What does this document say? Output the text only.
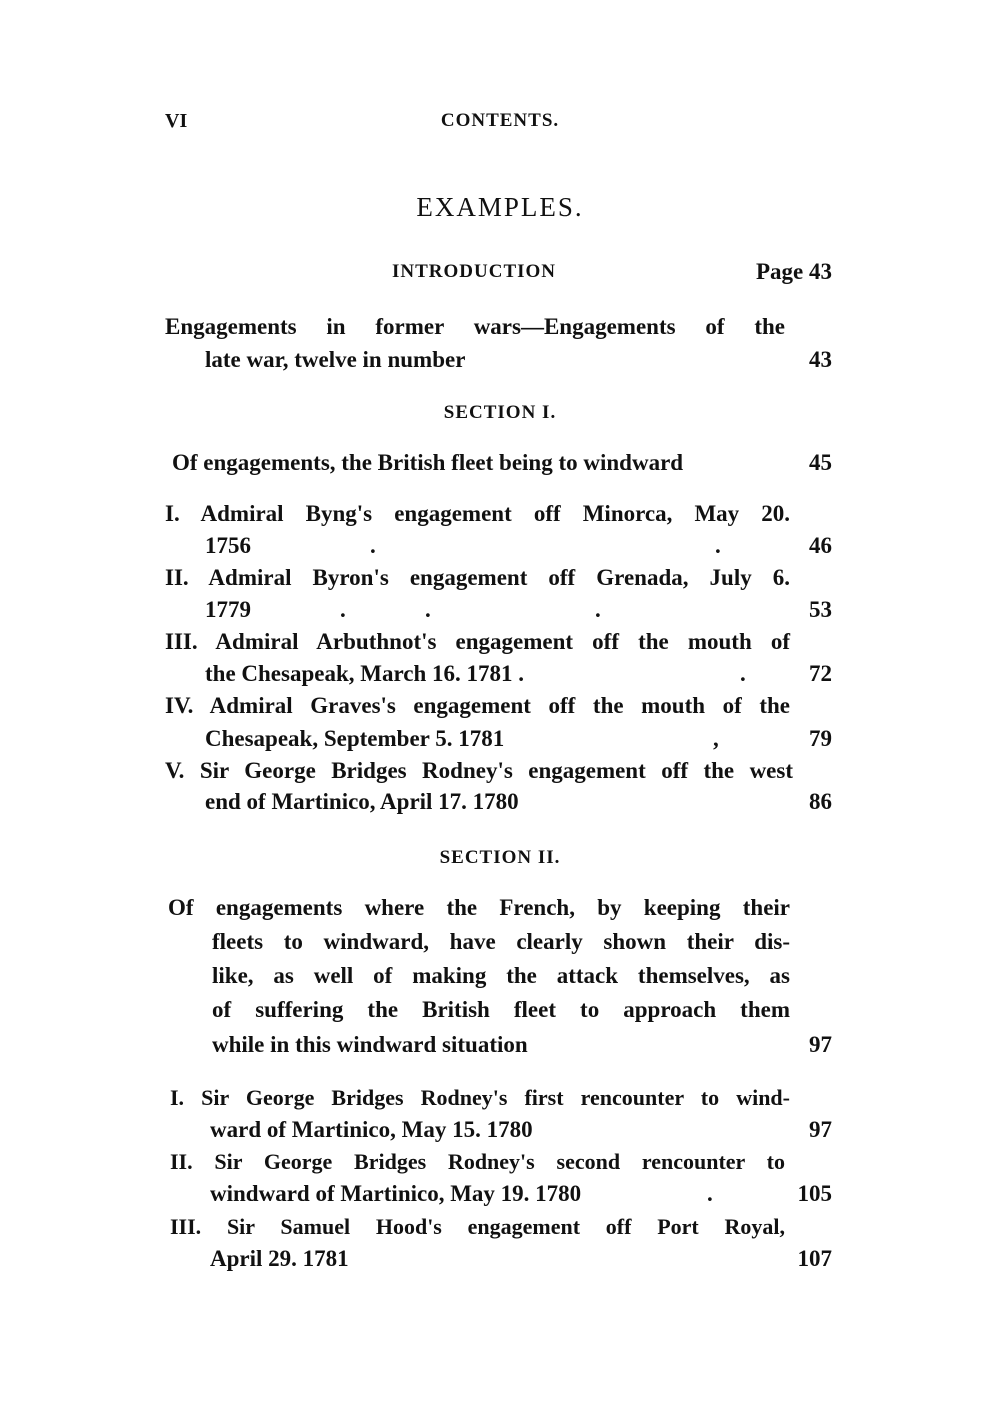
VI	CONTENTS.
EXAMPLES.
INTRODUCTION	Page 43
Engagements in former wars—Engagements of the
late war, twelve in number	43
SECTION I.
Of engagements, the British fleet being to windward	45
I. Admiral Byng's engagement off Minorca, May 20.
1756	.	.	46
II. Admiral Byron's engagement off Grenada, July 6.
1779	.	.	.	53
III. Admiral Arbuthnot's engagement off the mouth of
the Chesapeak, March 16. 1781 .	.	72
IV. Admiral Graves's engagement off the mouth of the
Chesapeak, September 5. 1781	,	79
V. Sir George Bridges Rodney's engagement off the west
end of Martinico, April 17. 1780	86
SECTION II.
Of engagements where the French, by keeping their
fleets to windward, have clearly shown their dis-
like, as well of making the attack themselves, as
of suffering the British fleet to approach them
while in this windward situation	97
I. Sir George Bridges Rodney's first rencounter to wind-
ward of Martinico, May 15. 1780	97
II. Sir George Bridges Rodney's second rencounter to
windward of Martinico, May 19. 1780	.	105
III. Sir Samuel Hood's engagement off Port Royal,
April 29. 1781	107
